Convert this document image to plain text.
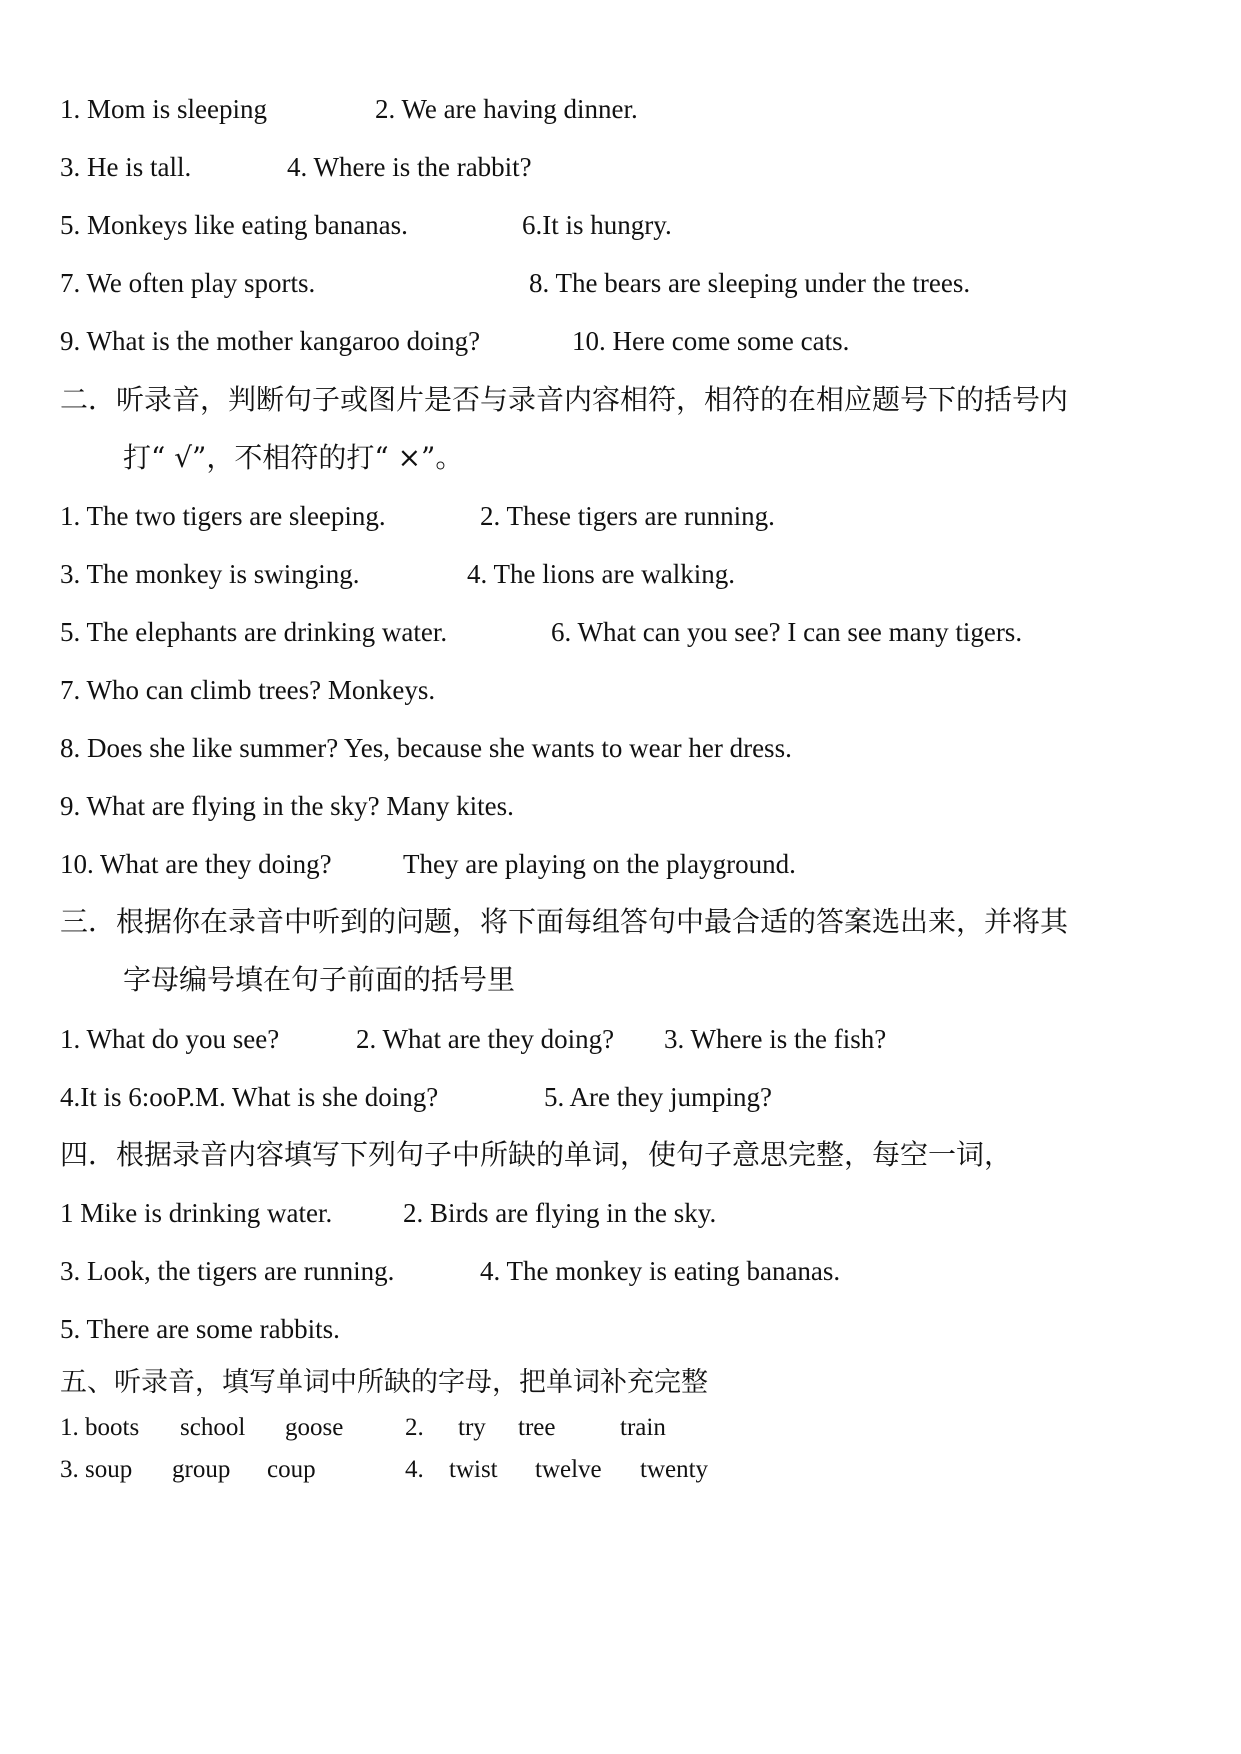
1. Mom is sleeping	2. We are having dinner.
3. He is tall.	4. Where is the rabbit?
5. Monkeys like eating bananas.	6.It is hungry.
7. We often play sports.	8. The bears are sleeping under the trees.
9. What is the mother kangaroo doing?	10. Here come some cats.
二．听录音，判断句子或图片是否与录音内容相符，相符的在相应题号下的括号内
打“ √”，不相符的打“ ×”。
1. The two tigers are sleeping.	2. These tigers are running.
3. The monkey is swinging.	4. The lions are walking.
5. The elephants are drinking water.	6. What can you see? I can see many tigers.
7. Who can climb trees? Monkeys.
8. Does she like summer? Yes, because she wants to wear her dress.
9. What are flying in the sky? Many kites.
10. What are they doing?	They are playing on the playground.
三．根据你在录音中听到的问题，将下面每组答句中最合适的答案选出来，并将其
字母编号填在句子前面的括号里
1. What do you see?	2. What are they doing? 3. Where is the fish?
4.It is 6:ooP.M. What is she doing?	5. Are they jumping?
四．根据录音内容填写下列句子中所缺的单词，使句子意思完整，每空一词，
1 Mike is drinking water.	2. Birds are flying in the sky.
3. Look, the tigers are running.	4. The monkey is eating bananas.
5. There are some rabbits.
五、听录音，填写单词中所缺的字母，把单词补充完整
1. boots school goose 2. try tree	train
3. soup group coup	4. twist twelve twenty
